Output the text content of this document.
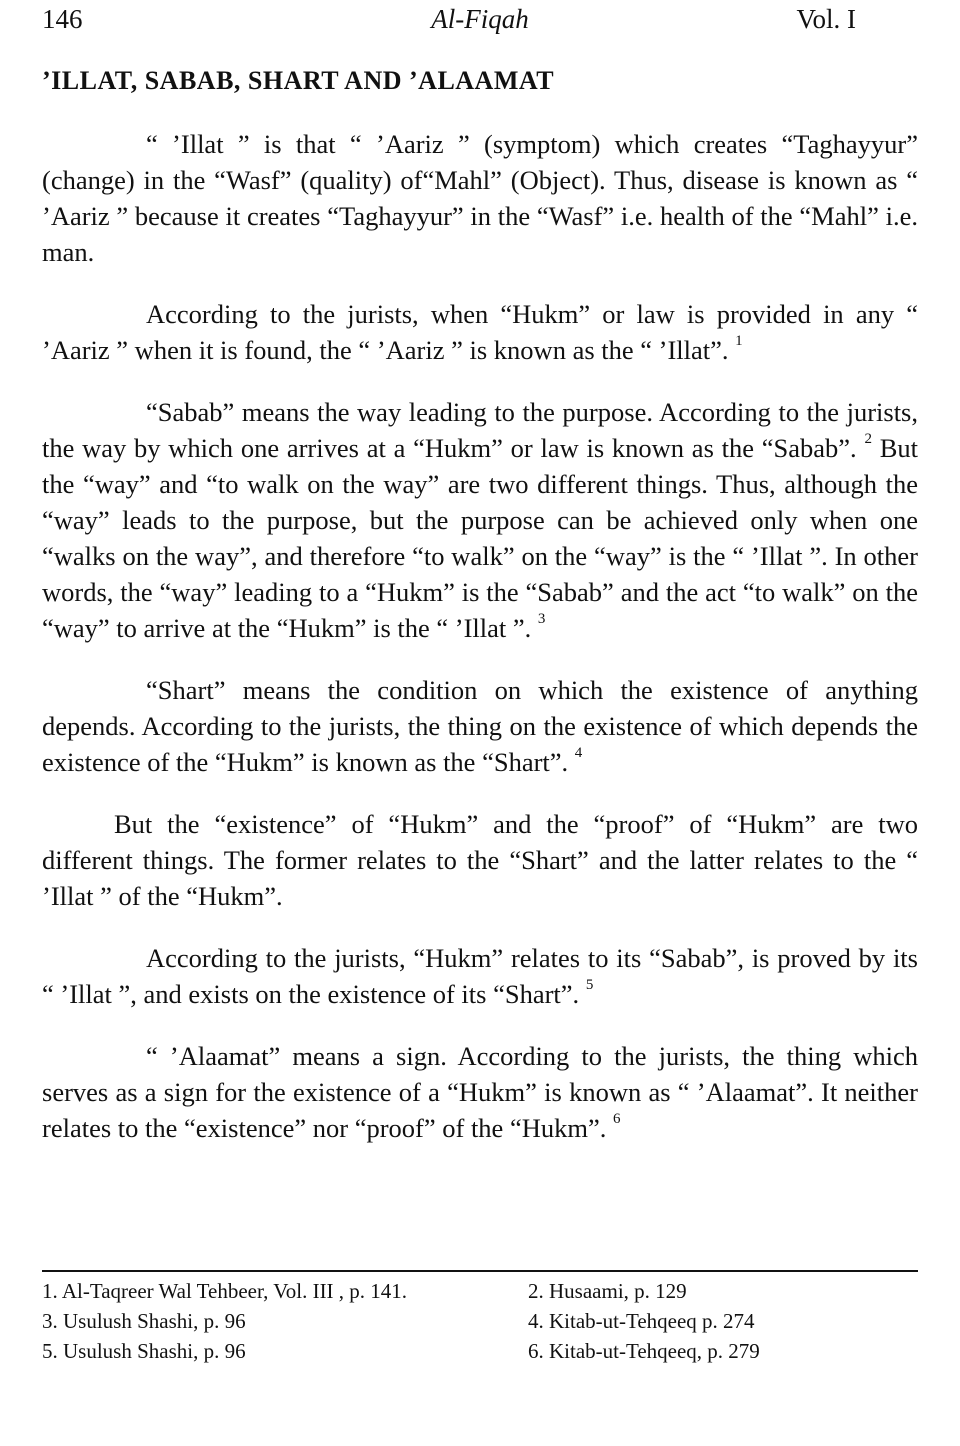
146	Al-Fiqah	Vol. I
’ILLAT, SABAB, SHART AND ’ALAAMAT

“ ’Illat ” is that “ ’Aariz ” (symptom) which creates “Taghayyur” (change) in the “Wasf” (quality) of“Mahl” (Object). Thus, disease is known as “ ’Aariz ” because it creates “Taghayyur” in the “Wasf” i.e. health of the “Mahl” i.e. man.

According to the jurists, when “Hukm” or law is provided in any “ ’Aariz ” when it is found, the “ ’Aariz ” is known as the “ ’Illat”. $^1$

“Sabab” means the way leading to the purpose. According to the jurists, the way by which one arrives at a “Hukm” or law is known as the “Sabab”. $^2$ But the “way” and “to walk on the way” are two different things. Thus, although the “way” leads to the purpose, but the purpose can be achieved only when one “walks on the way”, and therefore “to walk” on the “way” is the “ ’Illat ”. In other words, the “way” leading to a “Hukm” is the “Sabab” and the act “to walk” on the “way” to arrive at the “Hukm” is the “ ’Illat ”. $^3$

“Shart” means the condition on which the existence of anything depends. According to the jurists, the thing on the existence of which depends the existence of the “Hukm” is known as the “Shart”. $^4$

But the “existence” of “Hukm” and the “proof” of “Hukm” are two different things. The former relates to the “Shart” and the latter relates to the “ ’Illat ” of the “Hukm”.

According to the jurists, “Hukm” relates to its “Sabab”, is proved by its “ ’Illat ”, and exists on the existence of its “Shart”. $^5$

“ ’Alaamat” means a sign. According to the jurists, the thing which serves as a sign for the existence of a “Hukm” is known as “ ’Alaamat”. It neither relates to the “existence” nor “proof” of the “Hukm”. $^6$

1. Al-Taqreer Wal Tehbeer, Vol. III , p. 141.	2. Husaami, p. 129
3. Usulush Shashi, p. 96	4. Kitab-ut-Tehqeeq p. 274
5. Usulush Shashi, p. 96	6. Kitab-ut-Tehqeeq, p. 279
